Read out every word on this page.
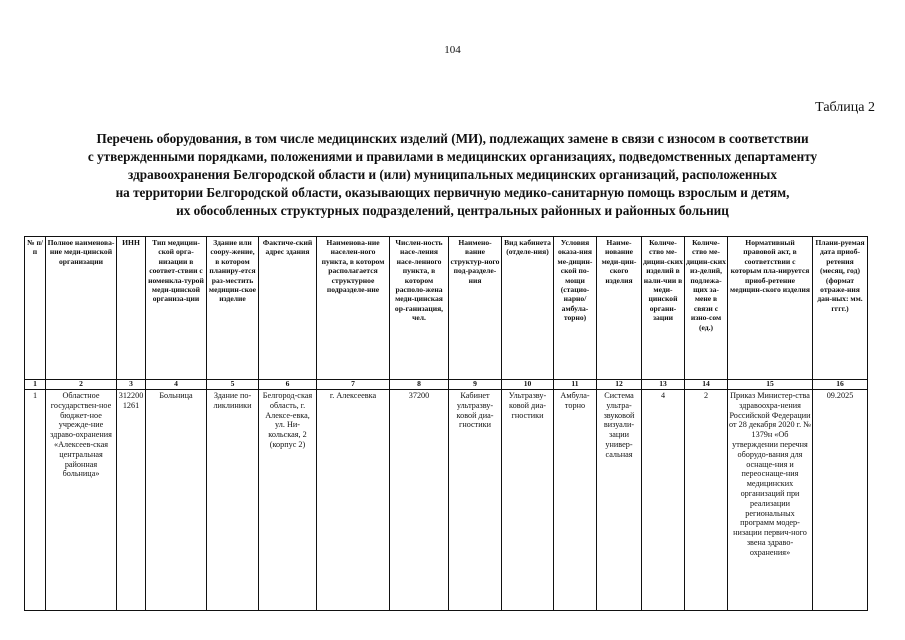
104
Таблица 2
Перечень оборудования, в том числе медицинских изделий (МИ), подлежащих замене в связи с износом в соответствии
с утвержденными порядками, положениями и правилами в медицинских организациях, подведомственных департаменту
здравоохранения Белгородской области и (или) муниципальных медицинских организаций, расположенных
на территории Белгородской области, оказывающих первичную медико-санитарную помощь взрослым и детям,
их обособленных структурных подразделений, центральных районных и районных больниц
№ п/п	Полное наименова-ние меди-цинской организации	ИНН	Тип медицин-ской орга-низации в соответ-ствии с номенкла-турой меди-цинской организа-ции	Здание или соору-жение, в котором планиру-ется раз-местить медицин-ское изделие	Фактиче-ский адрес здания	Наименова-ние населен-ного пункта, в котором располагается структурное подразделе-ние	Числен-ность насе-ления насе-ленного пункта, в котором располо-жена меди-цинская ор-ганизация, чел.	Наимено-вание структур-ного под-разделе-ния	Вид кабинета (отделе-ния)	Условия оказа-ния ме-дицин-ской по-мощи (стацио-нарно/ амбула-торно)	Наиме-нование меди-цин-ского изделия	Количе-ство ме-дицин-ских изделий в нали-чии в меди-цинской органи-зации	Количе-ство ме-дицин-ских из-делий, подлежа-щих за-мене в связи с изно-сом (ед.)	Нормативный правовой акт, в соответствии с которым пла-нируется приоб-ретение медицин-ского изделия	Плани-руемая дата приоб-ретения (месяц, год) (формат отраже-ния дан-ных: мм. гггг.)
1	2	3	4	5	6	7	8	9	10	11	12	13	14	15	16
1	Областное государствен-ное бюджет-ное учрежде-ние здраво-охранения «Алексеев-ская центральная районная больница»	312200 1261	Больница	Здание по-ликлиники	Белгород-ская область, г. Алексе-евка, ул. Ни-кольская, 2 (корпус 2)	г. Алексеевка	37200	Кабинет ультразву-ковой диа-гностики	Ультразву-ковой диа-гностики	Амбула-торно	Система ультра-звуковой визуали-зации универ-сальная	4	2	Приказ Министер-ства здравоохра-нения Российской Федерации от 28 декабря 2020 г. № 1379н «Об утверждении перечня оборудо-вания для оснаще-ния и переоснаще-ния медицинских организаций при реализации региональных программ модер-низации первич-ного звена здраво-охранения»	09.2025
